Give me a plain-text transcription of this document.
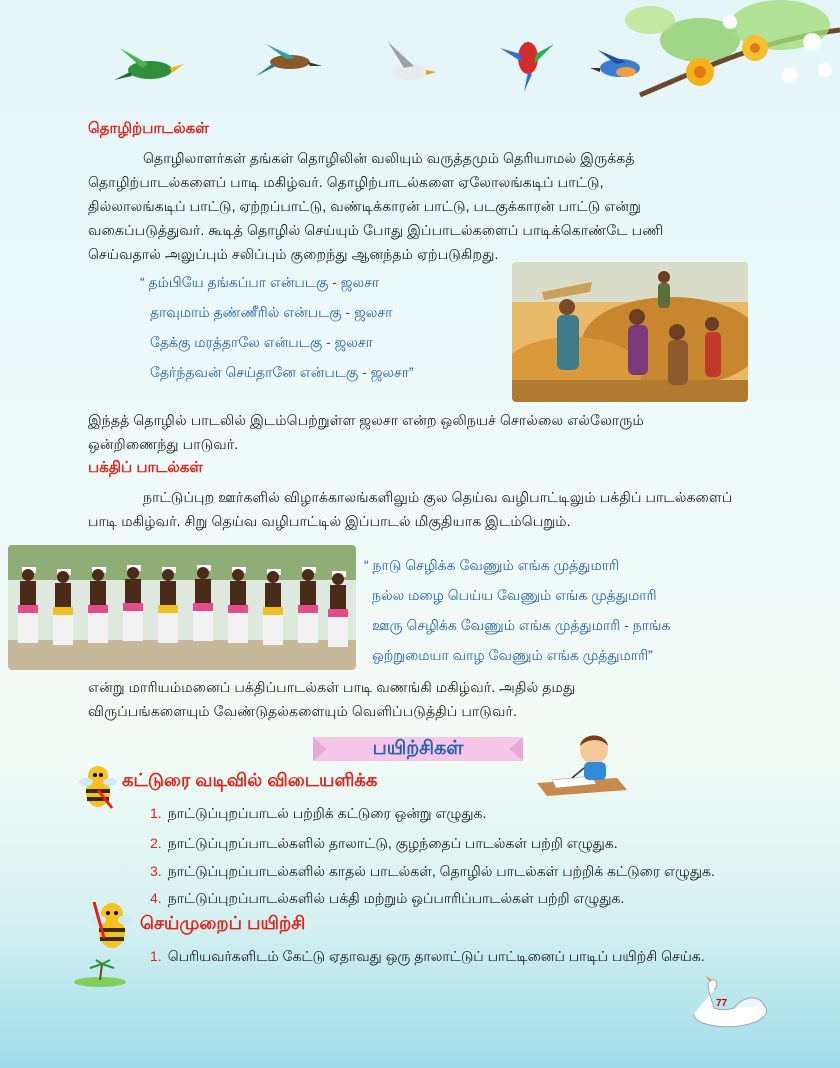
தொழிற்பாடல்கள்
தொழிலாளர்கள் தங்கள் தொழிலின் வலியும் வருத்தமும் தெரியாமல் இருக்கத்
தொழிற்பாடல்களைப் பாடி மகிழ்வர். தொழிற்பாடல்களை ஏலோலங்கடிப் பாட்டு,
தில்லாலங்கடிப் பாட்டு, ஏற்றப்பாட்டு, வண்டிக்காரன் பாட்டு, படகுக்காரன் பாட்டு என்று
வகைப்படுத்துவர். கூடித் தொழில் செய்யும் போது இப்பாடல்களைப் பாடிக்கொண்டே பணி
செய்வதால் அலுப்பும் சலிப்பும் குறைந்து ஆனந்தம் ஏற்படுகிறது.
“ தம்பியே தங்கப்பா என்படகு - ஜலசா
தாவுமாம் தண்ணீரில் என்படகு - ஜலசா
தேக்கு மரத்தாலே என்படகு - ஜலசா
தேர்ந்தவன் செய்தானே என்படகு - ஜலசா”
இந்தத் தொழில் பாடலில் இடம்பெற்றுள்ள ஜலசா என்ற ஒலிநயச் சொல்லை எல்லோரும்
ஒன்றிணைந்து பாடுவர்.
பக்திப் பாடல்கள்
நாட்டுப்புற ஊர்களில் விழாக்காலங்களிலும் குல தெய்வ வழிபாட்டிலும் பக்திப் பாடல்களைப்
பாடி மகிழ்வர். சிறு தெய்வ வழிபாட்டில் இப்பாடல் மிகுதியாக இடம்பெறும்.
“ நாடு செழிக்க வேணும் எங்க முத்துமாரி
நல்ல மழை பெய்ய வேணும் எங்க முத்துமாரி
ஊரு செழிக்க வேணும் எங்க முத்துமாரி - நாங்க
ஒற்றுமையா வாழ வேணும் எங்க முத்துமாரி”
என்று மாரியம்மனைப் பக்திப்பாடல்கள் பாடி வணங்கி மகிழ்வர். அதில் தமது
விருப்பங்களையும் வேண்டுதல்களையும் வெளிப்படுத்திப் பாடுவர்.
பயிற்சிகள்
கட்டுரை வடிவில் விடையளிக்க
1. நாட்டுப்புறப்பாடல் பற்றிக் கட்டுரை ஒன்று எழுதுக.
2. நாட்டுப்புறப்பாடல்களில் தாலாட்டு, குழந்தைப் பாடல்கள் பற்றி எழுதுக.
3. நாட்டுப்புறப்பாடல்களில் காதல் பாடல்கள், தொழில் பாடல்கள் பற்றிக் கட்டுரை எழுதுக.
4. நாட்டுப்புறப்பாடல்களில் பக்தி மற்றும் ஒப்பாரிப்பாடல்கள் பற்றி எழுதுக.
செய்முறைப் பயிற்சி
1. பெரியவர்களிடம் கேட்டு ஏதாவது ஒரு தாலாட்டுப் பாட்டினைப் பாடிப் பயிற்சி செய்க.
77
